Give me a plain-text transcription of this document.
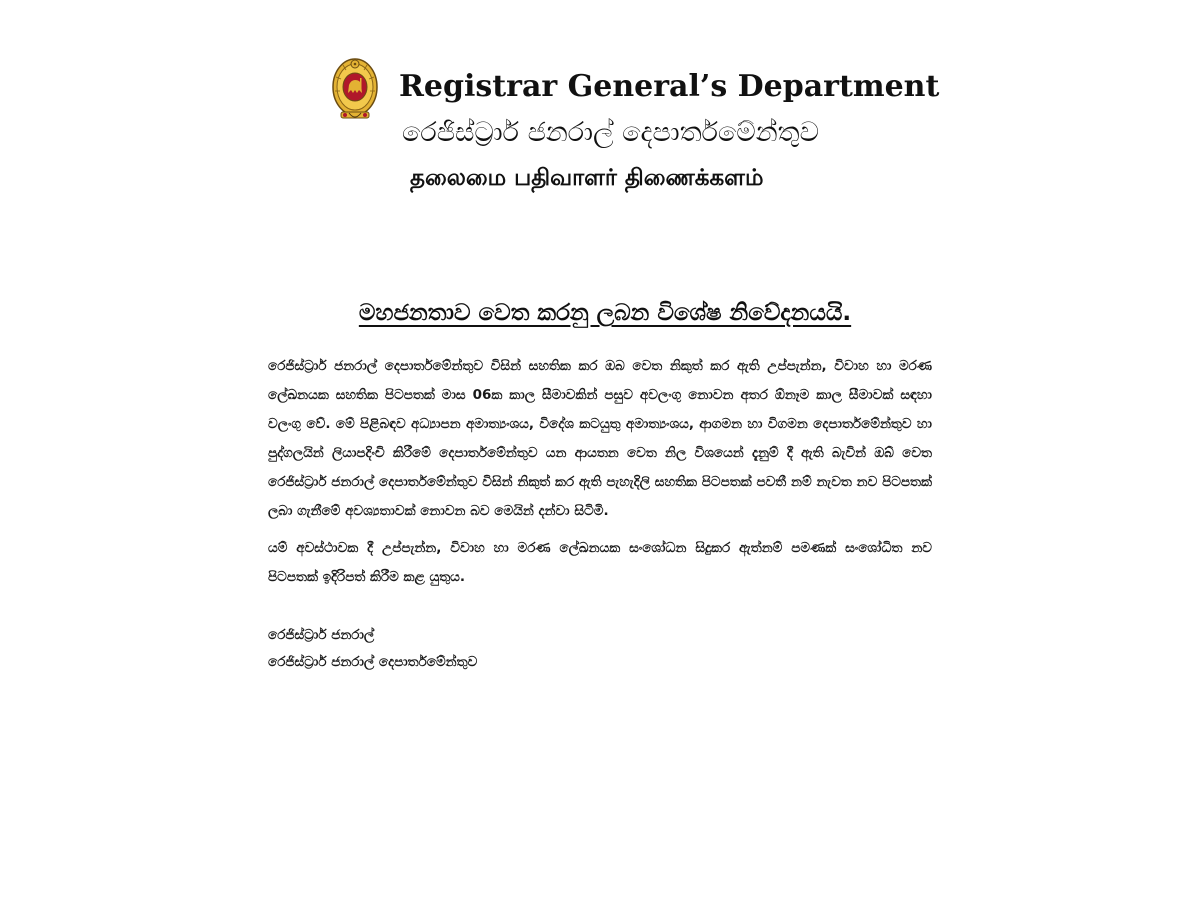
Registrar General’s Department
රෙජිස්ට්‍රාර් ජනරාල් දෙපාර්තමේන්තුව
தலைமை பதிவாளர் திணைக்களம்
මහජනතාව වෙත කරනු ලබන විශේෂ නිවේදනයයි.

රෙජිස්ට්‍රාර් ජනරාල් දෙපාර්තමේන්තුව විසින් සහතික කර ඔබ වෙත නිකුත් කර ඇති උප්පැන්න, විවාහ හා මරණ ලේඛනයක සහතික පිටපතක් මාස 06ක කාල සීමාවකින් පසුව අවලංගු නොවන අතර ඕනෑම කාල සීමාවක් සඳහා වලංගු වේ. මේ පිළිබඳව අධ්‍යාපන අමාත්‍යංශය, විදේශ කටයුතු අමාත්‍යංශය, ආගමන හා විගමන දෙපාර්තමේන්තුව හා පුද්ගලයින් ලියාපදිංචි කිරීමේ දෙපාර්තමේන්තුව යන ආයතන වෙත නිල විශයෙන් දැනුම් දී ඇති බැවින් ඔබ් වෙත රෙජිස්ට්‍රාර් ජනරාල් දෙපාර්තමේන්තුව විසින් නිකුත් කර ඇති පැහැදිලි සහතික පිටපතක් පවතී නම් නැවත නව පිටපතක් ලබා ගැනීමේ අවශ්‍යතාවක් නොවන බව මෙයින් දන්වා සිටිමි.

යම් අවස්ථාවක දී උප්පැන්න, විවාහ හා මරණ ලේඛනයක සංශෝධන සිදුකර ඇත්නම් පමණක් සංශෝධිත නව පිටපතක් ඉදිරිපත් කිරීම කළ යුතුය.

රෙජිස්ට්‍රාර් ජනරාල්
රෙජිස්ට්‍රාර් ජනරාල් දෙපාර්තමේන්තුව
